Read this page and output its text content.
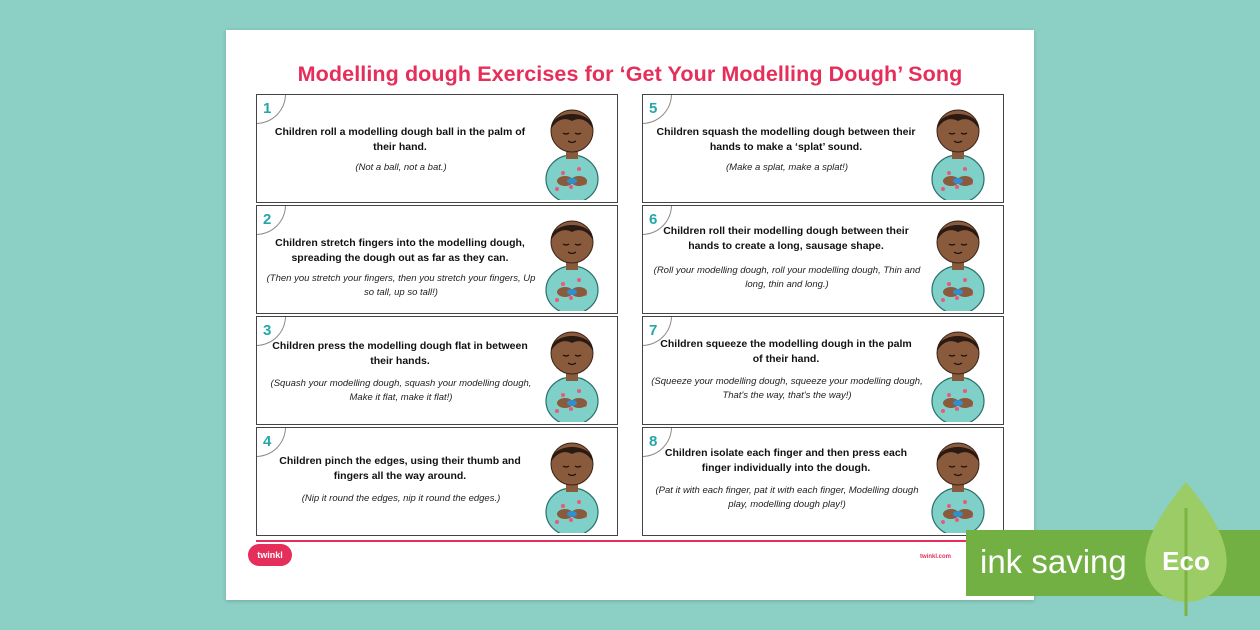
Modelling dough Exercises for ‘Get Your Modelling Dough’ Song
1
Children roll a modelling dough ball in the palm of their hand.
(Not a ball, not a bat.)
2
Children stretch fingers into the modelling dough, spreading the dough out as far as they can.
(Then you stretch your fingers, then you stretch your fingers, Up so tall, up so tall!)
3
Children press the modelling dough flat in between their hands.
(Squash your modelling dough, squash your modelling dough, Make it flat, make it flat!)
4
Children pinch the edges, using their thumb and fingers all the way around.
(Nip it round the edges, nip it round the edges.)
5
Children squash the modelling dough between their hands to make a ‘splat’ sound.
(Make a splat, make a splat!)
6
Children roll their modelling dough between their hands to create a long, sausage shape.
(Roll your modelling dough, roll your modelling dough, Thin and long, thin and long.)
7
Children squeeze the modelling dough in the palm of their hand.
(Squeeze your modelling dough, squeeze your modelling dough, That's the way, that's the way!)
8
Children isolate each finger and then press each finger individually into the dough.
(Pat it with each finger, pat it with each finger, Modelling dough play, modelling dough play!)
twinkl	twinkl.com ink saving Eco
